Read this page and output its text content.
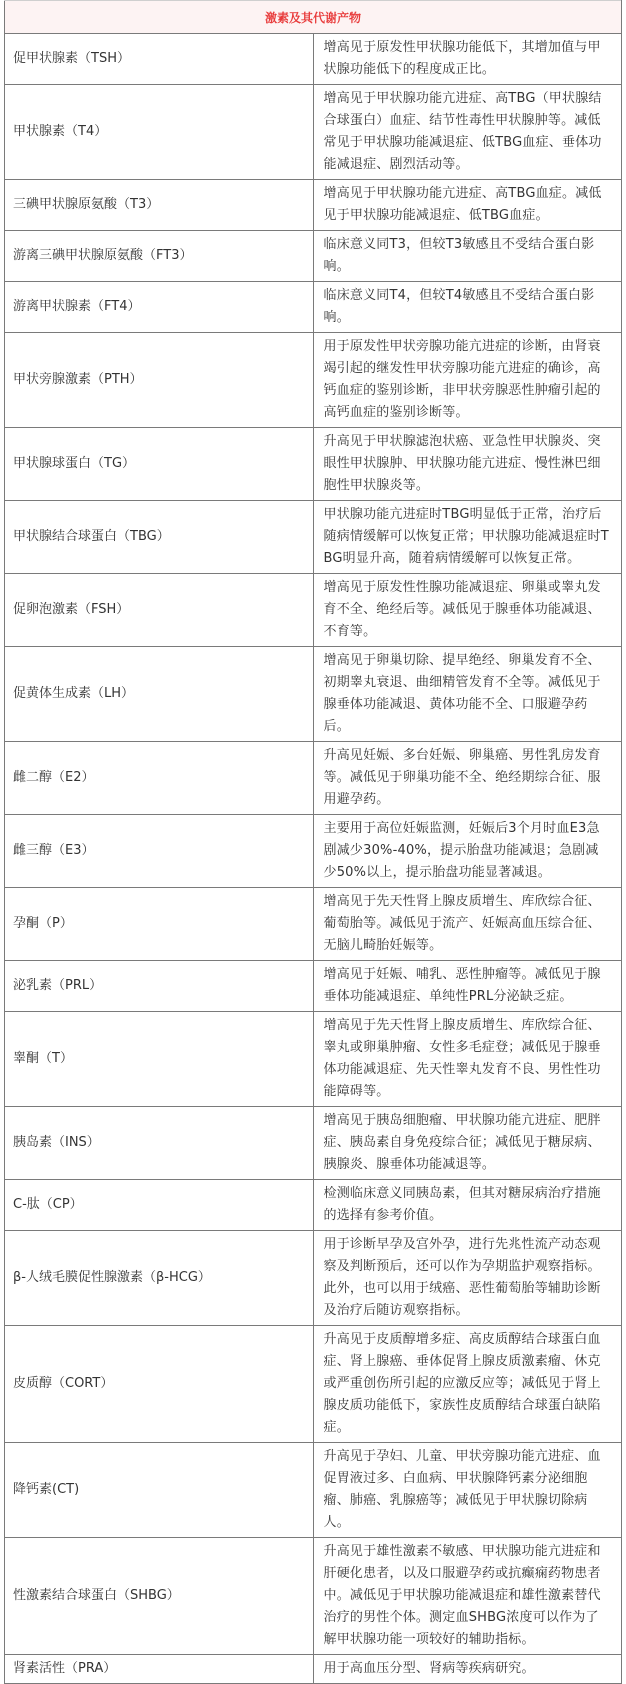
激素及其代谢产物	
促甲状腺素（TSH）	增高见于原发性甲状腺功能低下，其增加值与甲状腺功能低下的程度成正比。
甲状腺素（T4）	增高见于甲状腺功能亢进症、高TBG（甲状腺结合球蛋白）血症、结节性毒性甲状腺肿等。减低常见于甲状腺功能减退症、低TBG血症、垂体功能减退症、剧烈活动等。
三碘甲状腺原氨酸（T3）	增高见于甲状腺功能亢进症、高TBG血症。减低见于甲状腺功能减退症、低TBG血症。
游离三碘甲状腺原氨酸（FT3）	临床意义同T3，但较T3敏感且不受结合蛋白影响。
游离甲状腺素（FT4）	临床意义同T4，但较T4敏感且不受结合蛋白影响。
甲状旁腺激素（PTH）	用于原发性甲状旁腺功能亢进症的诊断，由肾衰竭引起的继发性甲状旁腺功能亢进症的确诊，高钙血症的鉴别诊断，非甲状旁腺恶性肿瘤引起的高钙血症的鉴别诊断等。
甲状腺球蛋白（TG）	升高见于甲状腺滤泡状癌、亚急性甲状腺炎、突眼性甲状腺肿、甲状腺功能亢进症、慢性淋巴细胞性甲状腺炎等。
甲状腺结合球蛋白（TBG）	甲状腺功能亢进症时TBG明显低于正常，治疗后随病情缓解可以恢复正常；甲状腺功能减退症时TBG明显升高，随着病情缓解可以恢复正常。
促卵泡激素（FSH）	增高见于原发性性腺功能减退症、卵巢或睾丸发育不全、绝经后等。减低见于腺垂体功能减退、不育等。
促黄体生成素（LH）	增高见于卵巢切除、提早绝经、卵巢发育不全、初期睾丸衰退、曲细精管发育不全等。减低见于腺垂体功能减退、黄体功能不全、口服避孕药后。
雌二醇（E2）	升高见妊娠、多台妊娠、卵巢癌、男性乳房发育等。减低见于卵巢功能不全、绝经期综合征、服用避孕药。
雌三醇（E3）	主要用于高位妊娠监测，妊娠后3个月时血E3急剧减少30%-40%，提示胎盘功能减退；急剧减少50%以上，提示胎盘功能显著减退。
孕酮（P）	增高见于先天性肾上腺皮质增生、库欣综合征、葡萄胎等。减低见于流产、妊娠高血压综合征、无脑儿畸胎妊娠等。
泌乳素（PRL）	增高见于妊娠、哺乳、恶性肿瘤等。减低见于腺垂体功能减退症、单纯性PRL分泌缺乏症。
睾酮（T）	增高见于先天性肾上腺皮质增生、库欣综合征、睾丸或卵巢肿瘤、女性多毛症登；减低见于腺垂体功能减退症、先天性睾丸发育不良、男性性功能障碍等。
胰岛素（INS）	增高见于胰岛细胞瘤、甲状腺功能亢进症、肥胖症、胰岛素自身免疫综合征；减低见于糖尿病、胰腺炎、腺垂体功能减退等。
C-肽（CP）	检测临床意义同胰岛素，但其对糖尿病治疗措施的选择有参考价值。
β-人绒毛膜促性腺激素（β-HCG）	用于诊断早孕及宫外孕，进行先兆性流产动态观察及判断预后，还可以作为孕期监护观察指标。此外，也可以用于绒癌、恶性葡萄胎等辅助诊断及治疗后随访观察指标。
皮质醇（CORT）	升高见于皮质醇增多症、高皮质醇结合球蛋白血症、肾上腺癌、垂体促肾上腺皮质激素瘤、休克或严重创伤所引起的应激反应等；减低见于肾上腺皮质功能低下，家族性皮质醇结合球蛋白缺陷症。
降钙素(CT)	升高见于孕妇、儿童、甲状旁腺功能亢进症、血促胃液过多、白血病、甲状腺降钙素分泌细胞瘤、肺癌、乳腺癌等；减低见于甲状腺切除病人。
性激素结合球蛋白（SHBG）	升高见于雄性激素不敏感、甲状腺功能亢进症和肝硬化患者，以及口服避孕药或抗癫痫药物患者中。减低见于甲状腺功能减退症和雄性激素替代治疗的男性个体。测定血SHBG浓度可以作为了解甲状腺功能一项较好的辅助指标。
肾素活性（PRA）	用于高血压分型、肾病等疾病研究。
